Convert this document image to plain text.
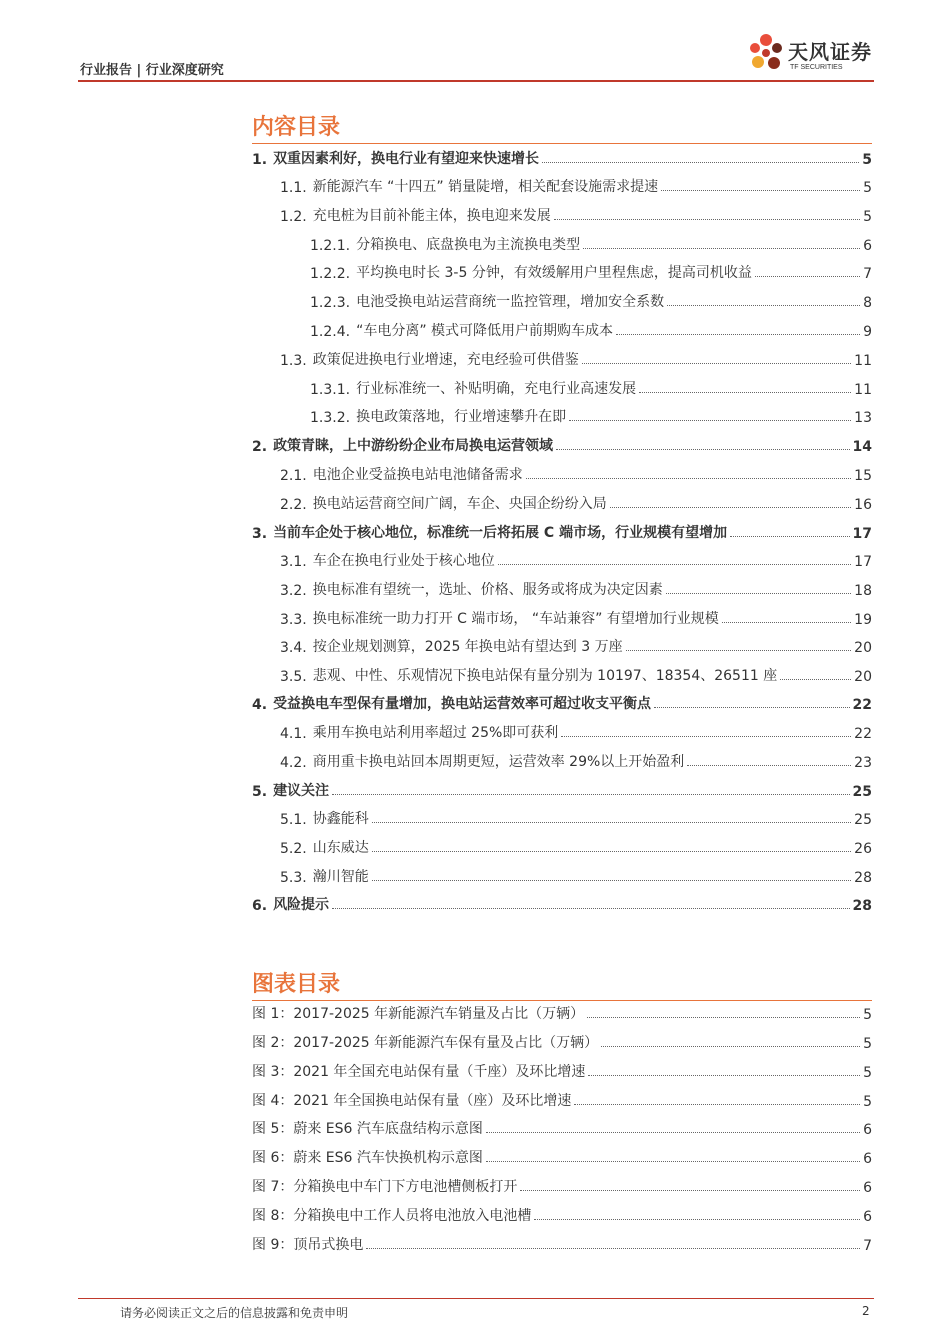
行业报告 | 行业深度研究
天风证券
TF SECURITIES
内容目录
1. 双重因素利好，换电行业有望迎来快速增长	5
1.1. 新能源汽车 “十四五” 销量陡增，相关配套设施需求提速	5
1.2. 充电桩为目前补能主体，换电迎来发展	5
1.2.1. 分箱换电、底盘换电为主流换电类型	6
1.2.2. 平均换电时长 3-5 分钟，有效缓解用户里程焦虑，提高司机收益	7
1.2.3. 电池受换电站运营商统一监控管理，增加安全系数	8
1.2.4. “车电分离” 模式可降低用户前期购车成本	9
1.3. 政策促进换电行业增速，充电经验可供借鉴	11
1.3.1. 行业标准统一、补贴明确，充电行业高速发展	11
1.3.2. 换电政策落地，行业增速攀升在即	13
2. 政策青睐，上中游纷纷企业布局换电运营领域	14
2.1. 电池企业受益换电站电池储备需求	15
2.2. 换电站运营商空间广阔，车企、央国企纷纷入局	16
3. 当前车企处于核心地位，标准统一后将拓展 C 端市场，行业规模有望增加	17
3.1. 车企在换电行业处于核心地位	17
3.2. 换电标准有望统一，选址、价格、服务或将成为决定因素	18
3.3. 换电标准统一助力打开 C 端市场， “车站兼容” 有望增加行业规模	19
3.4. 按企业规划测算，2025 年换电站有望达到 3 万座	20
3.5. 悲观、中性、乐观情况下换电站保有量分别为 10197、18354、26511 座	20
4. 受益换电车型保有量增加，换电站运营效率可超过收支平衡点	22
4.1. 乘用车换电站利用率超过 25%即可获利	22
4.2. 商用重卡换电站回本周期更短，运营效率 29%以上开始盈利	23
5. 建议关注	25
5.1. 协鑫能科	25
5.2. 山东威达	26
5.3. 瀚川智能	28
6. 风险提示	28
图表目录
图 1：2017-2025 年新能源汽车销量及占比（万辆）	5
图 2：2017-2025 年新能源汽车保有量及占比（万辆）	5
图 3：2021 年全国充电站保有量（千座）及环比增速	5
图 4：2021 年全国换电站保有量（座）及环比增速	5
图 5：蔚来 ES6 汽车底盘结构示意图	6
图 6：蔚来 ES6 汽车快换机构示意图	6
图 7：分箱换电中车门下方电池槽侧板打开	6
图 8：分箱换电中工作人员将电池放入电池槽	6
图 9：顶吊式换电	7
请务必阅读正文之后的信息披露和免责申明	2
